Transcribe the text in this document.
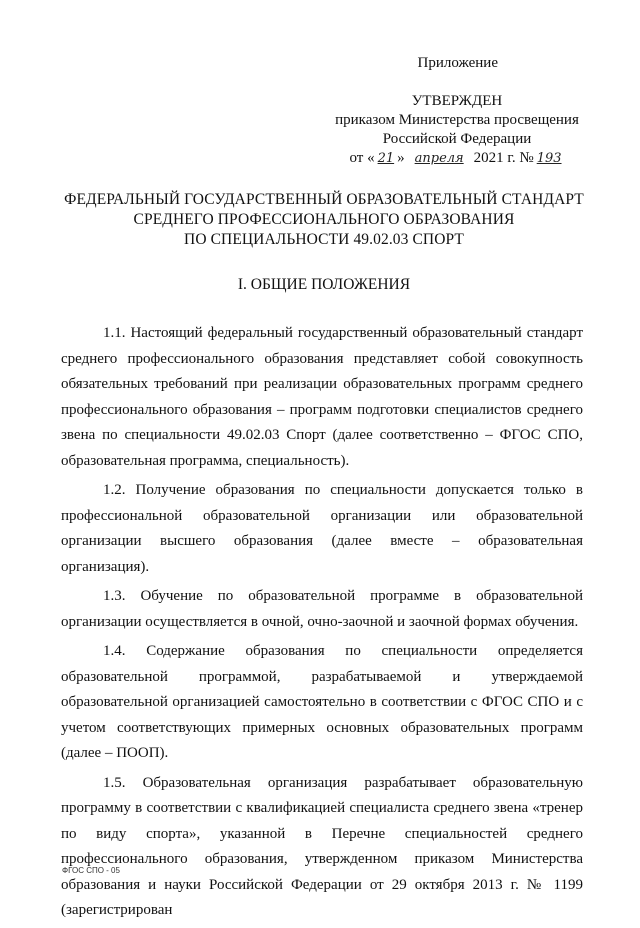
Приложение
УТВЕРЖДЕН
приказом Министерства просвещения
Российской Федерации
от « 21 » апреля 2021 г. № 193
ФЕДЕРАЛЬНЫЙ ГОСУДАРСТВЕННЫЙ ОБРАЗОВАТЕЛЬНЫЙ СТАНДАРТ
СРЕДНЕГО ПРОФЕССИОНАЛЬНОГО ОБРАЗОВАНИЯ
ПО СПЕЦИАЛЬНОСТИ 49.02.03 СПОРТ
I. ОБЩИЕ ПОЛОЖЕНИЯ

1.1. Настоящий федеральный государственный образовательный стандарт среднего профессионального образования представляет собой совокупность обязательных требований при реализации образовательных программ среднего профессионального образования – программ подготовки специалистов среднего звена по специальности 49.02.03 Спорт (далее соответственно – ФГОС СПО, образовательная программа, специальность).

1.2. Получение образования по специальности допускается только в профессиональной образовательной организации или образовательной организации высшего образования (далее вместе – образовательная организация).

1.3. Обучение по образовательной программе в образовательной организации осуществляется в очной, очно-заочной и заочной формах обучения.

1.4. Содержание образования по специальности определяется образовательной программой, разрабатываемой и утверждаемой образовательной организацией самостоятельно в соответствии с ФГОС СПО и с учетом соответствующих примерных основных образовательных программ (далее – ПООП).

1.5. Образовательная организация разрабатывает образовательную программу в соответствии с квалификацией специалиста среднего звена «тренер по виду спорта», указанной в Перечне специальностей среднего профессионального образования, утвержденном приказом Министерства образования и науки Российской Федерации от 29 октября 2013 г. № 1199 (зарегистрирован

ФГОС СПО - 05
